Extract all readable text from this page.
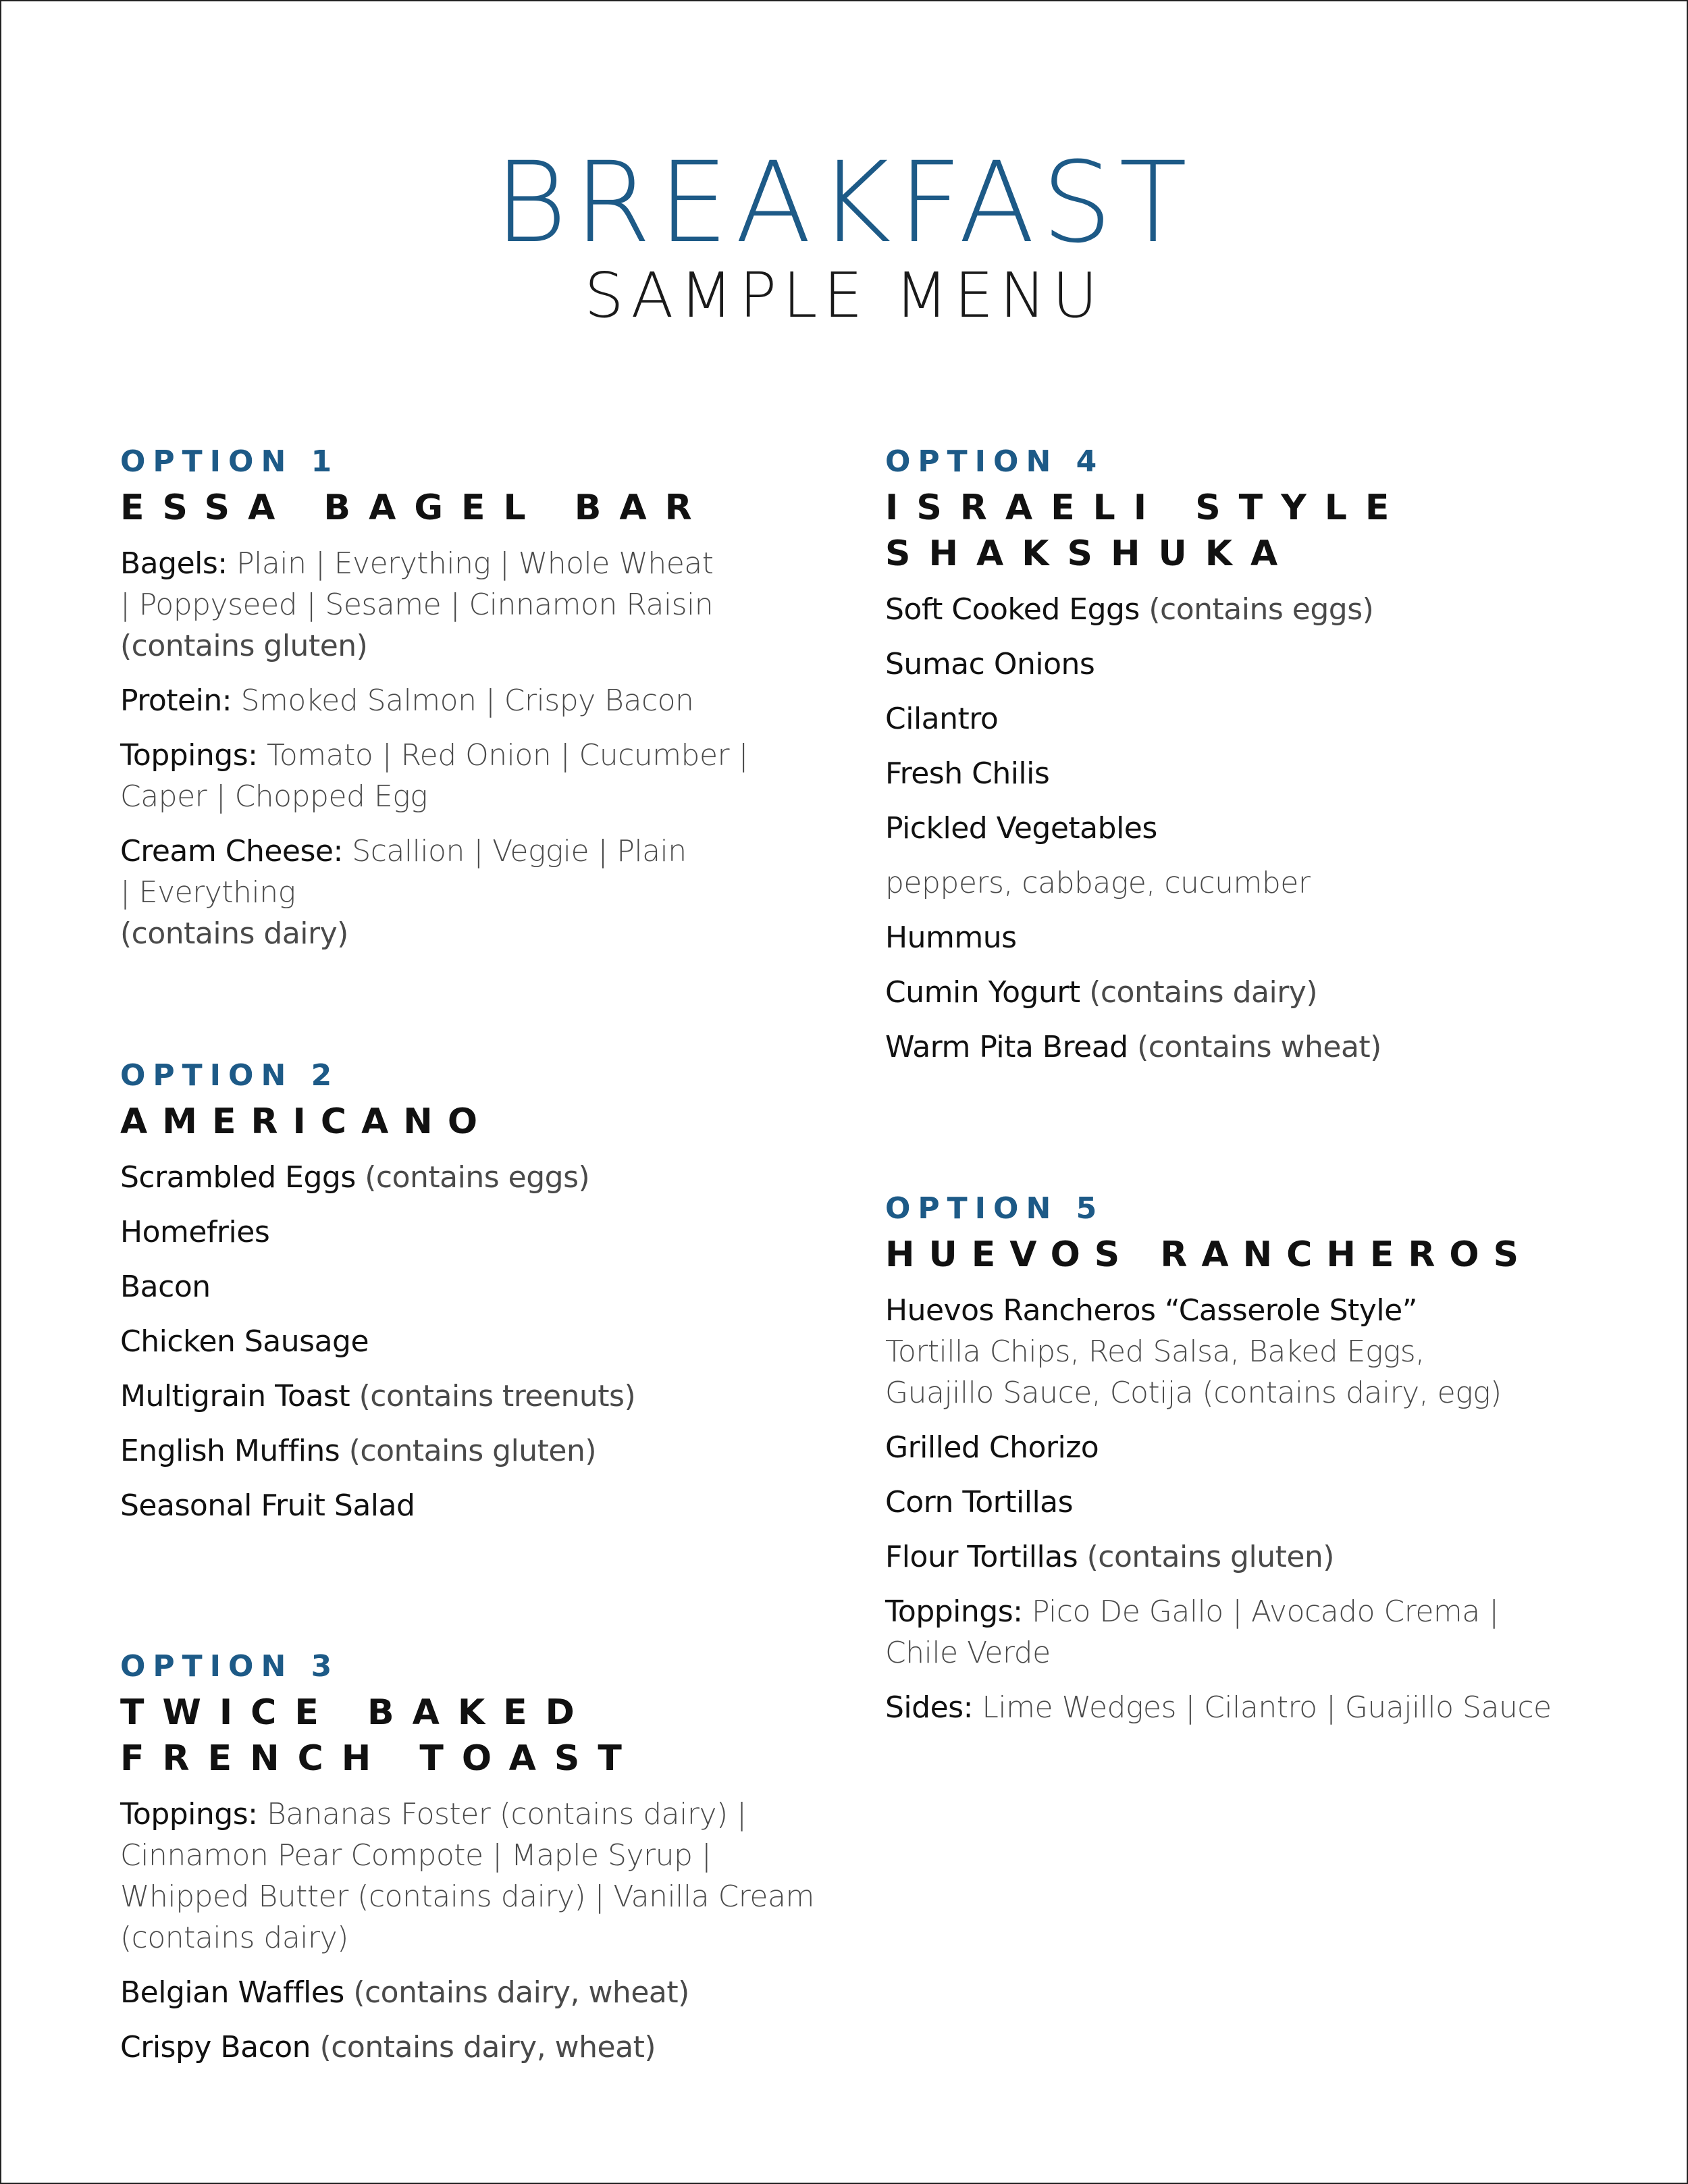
BREAKFAST
SAMPLE MENU
OPTION 1
ESSA BAGEL BAR
Bagels: Plain | Everything | Whole Wheat | Poppyseed | Sesame | Cinnamon Raisin
(contains gluten)
Protein: Smoked Salmon | Crispy Bacon
Toppings: Tomato | Red Onion | Cucumber | Caper | Chopped Egg
Cream Cheese: Scallion | Veggie | Plain | Everything
(contains dairy)
OPTION 2
AMERICANO
Scrambled Eggs (contains eggs)
Homefries
Bacon
Chicken Sausage
Multigrain Toast (contains treenuts)
English Muffins (contains gluten)
Seasonal Fruit Salad
OPTION 3
TWICE BAKED
FRENCH TOAST
Toppings: Bananas Foster (contains dairy) | Cinnamon Pear Compote | Maple Syrup | Whipped Butter (contains dairy) | Vanilla Cream (contains dairy)
Belgian Waffles (contains dairy, wheat)
Crispy Bacon (contains dairy, wheat)
OPTION 4
ISRAELI STYLE
SHAKSHUKA
Soft Cooked Eggs (contains eggs)
Sumac Onions
Cilantro
Fresh Chilis
Pickled Vegetables
peppers, cabbage, cucumber
Hummus
Cumin Yogurt (contains dairy)
Warm Pita Bread (contains wheat)
OPTION 5
HUEVOS RANCHEROS
Huevos Rancheros “Casserole Style”
Tortilla Chips, Red Salsa, Baked Eggs, Guajillo Sauce, Cotija (contains dairy, egg)
Grilled Chorizo
Corn Tortillas
Flour Tortillas (contains gluten)
Toppings: Pico De Gallo | Avocado Crema | Chile Verde
Sides: Lime Wedges | Cilantro | Guajillo Sauce
